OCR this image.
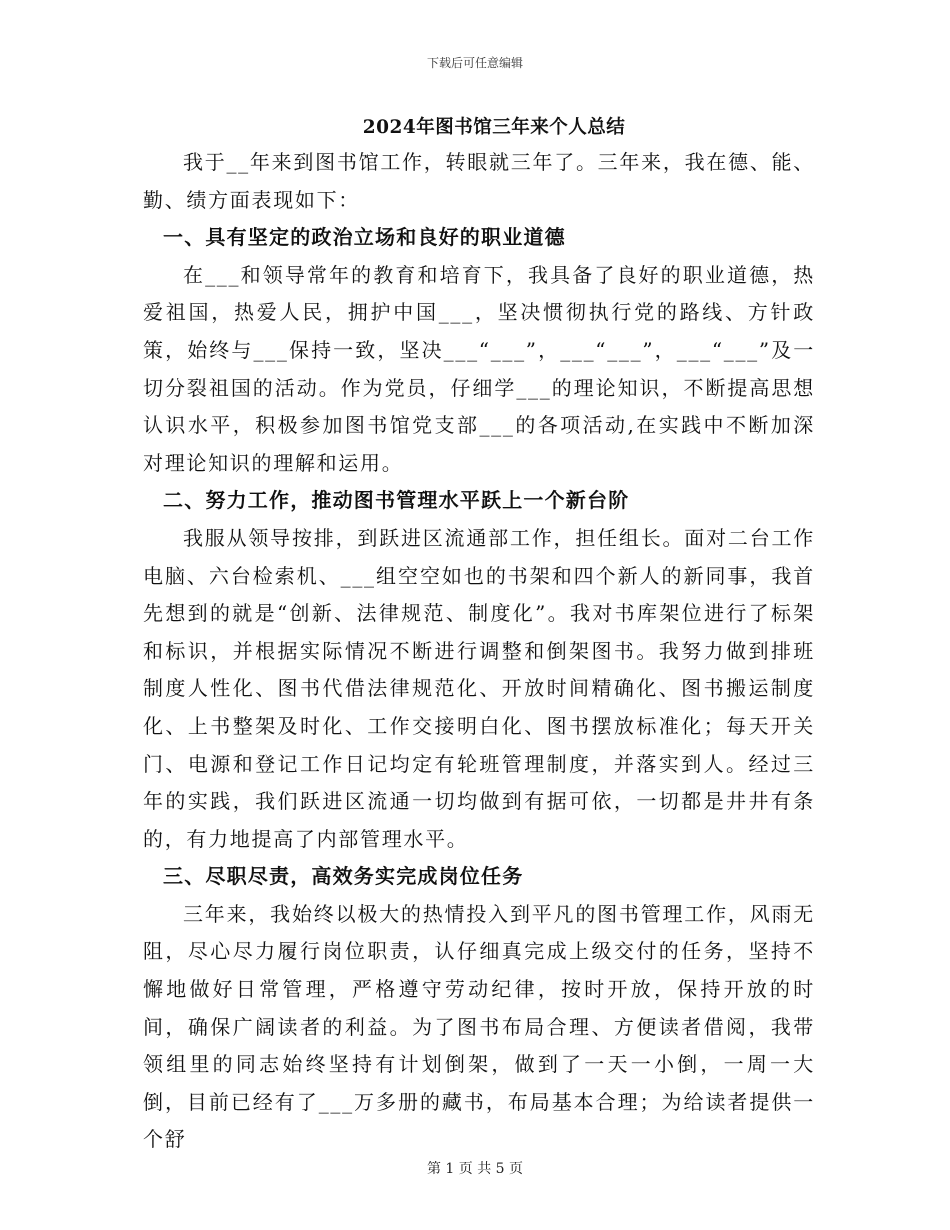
下载后可任意编辑

2024年图书馆三年来个人总结

我于__年来到图书馆工作，转眼就三年了。三年来，我在德、能、勤、绩方面表现如下：

一、具有坚定的政治立场和良好的职业道德

在___和领导常年的教育和培育下，我具备了良好的职业道德，热爱祖国，热爱人民，拥护中国___，坚决惯彻执行党的路线、方针政策，始终与___保持一致，坚决___“___”，___“___”，___“___”及一切分裂祖国的活动。作为党员，仔细学___的理论知识，不断提高思想认识水平，积极参加图书馆党支部___的各项活动,在实践中不断加深对理论知识的理解和运用。

二、努力工作，推动图书管理水平跃上一个新台阶

我服从领导按排，到跃进区流通部工作，担任组长。面对二台工作电脑、六台检索机、___组空空如也的书架和四个新人的新同事，我首先想到的就是“创新、法律规范、制度化”。我对书库架位进行了标架和标识，并根据实际情况不断进行调整和倒架图书。我努力做到排班制度人性化、图书代借法律规范化、开放时间精确化、图书搬运制度化、上书整架及时化、工作交接明白化、图书摆放标准化；每天开关门、电源和登记工作日记均定有轮班管理制度，并落实到人。经过三年的实践，我们跃进区流通一切均做到有据可依，一切都是井井有条的，有力地提高了内部管理水平。

三、尽职尽责，高效务实完成岗位任务

三年来，我始终以极大的热情投入到平凡的图书管理工作，风雨无阻，尽心尽力履行岗位职责，认仔细真完成上级交付的任务，坚持不懈地做好日常管理，严格遵守劳动纪律，按时开放，保持开放的时间，确保广阔读者的利益。为了图书布局合理、方便读者借阅，我带领组里的同志始终坚持有计划倒架，做到了一天一小倒，一周一大倒，目前已经有了___万多册的藏书，布局基本合理；为给读者提供一个舒

第 1 页 共 5 页
